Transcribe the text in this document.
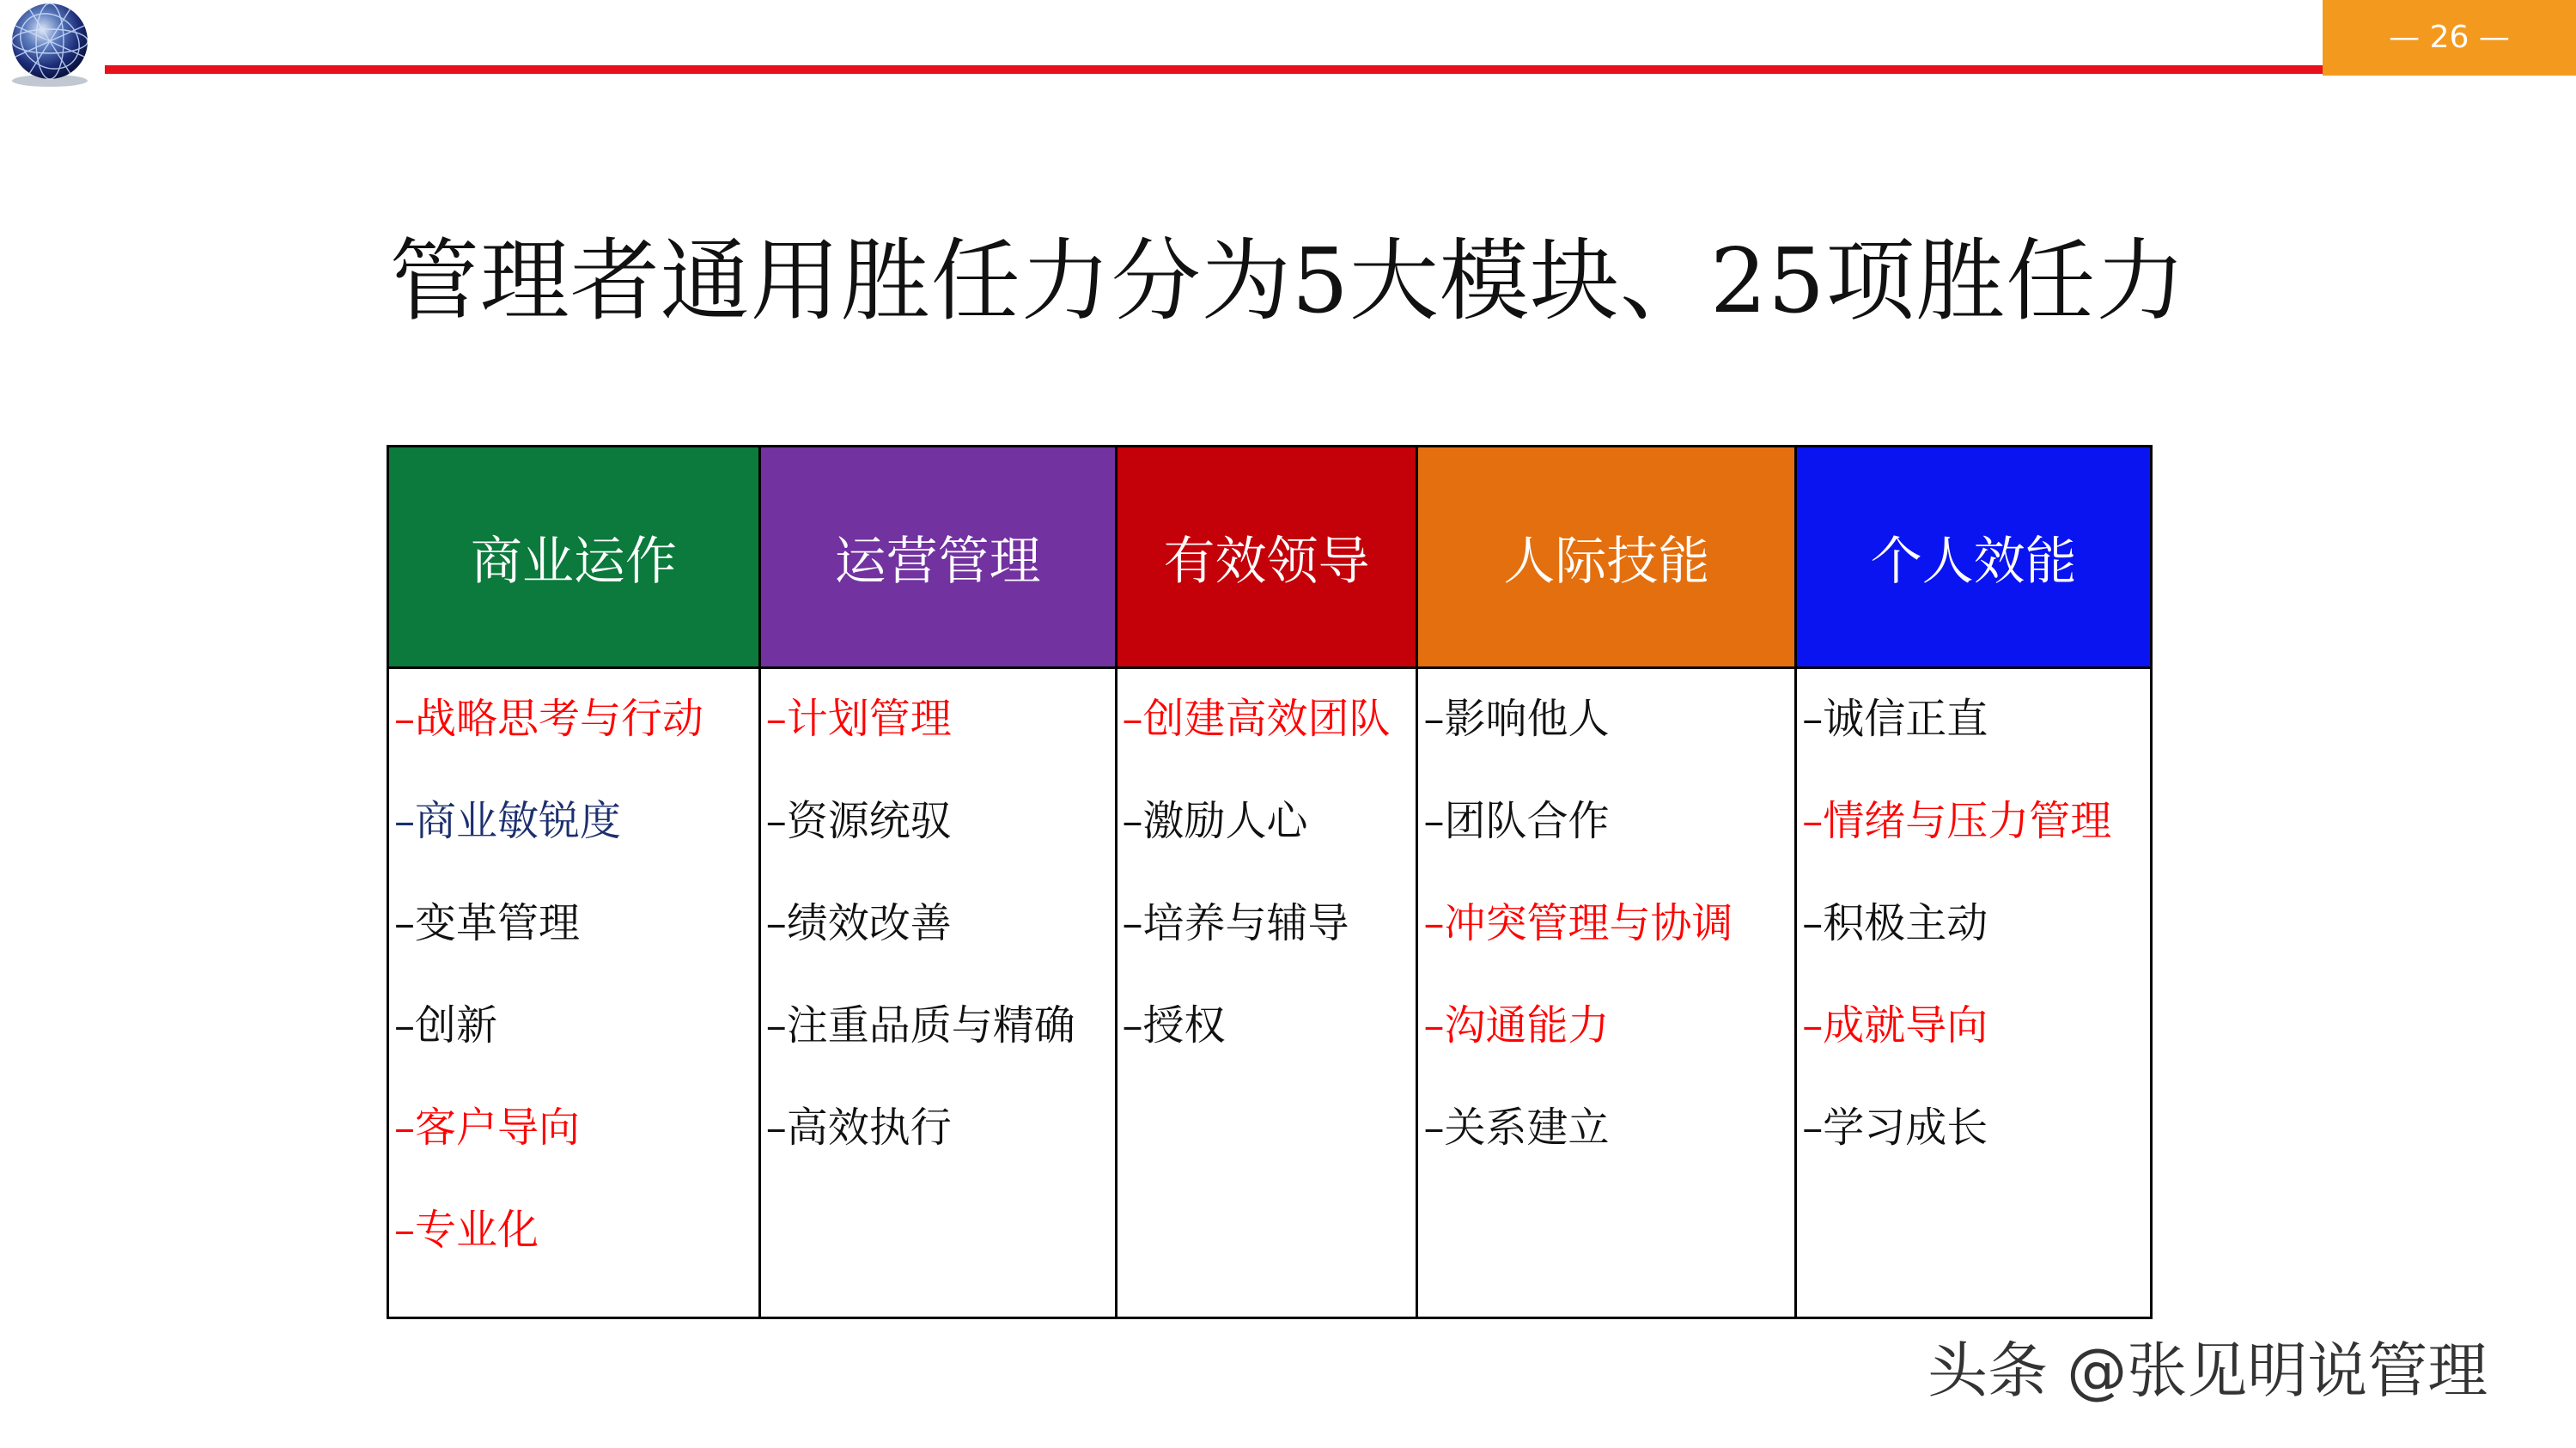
— 26 —
管理者通用胜任力分为5大模块、25项胜任力
商业运作
–战略思考与行动
–商业敏锐度
–变革管理
–创新
–客户导向
–专业化
运营管理
–计划管理
–资源统驭
–绩效改善
–注重品质与精确
–高效执行
有效领导
–创建高效团队
–激励人心
–培养与辅导
–授权
人际技能
–影响他人
–团队合作
–冲突管理与协调
–沟通能力
–关系建立
个人效能
–诚信正直
–情绪与压力管理
–积极主动
–成就导向
–学习成长
头条 @张见明说管理
